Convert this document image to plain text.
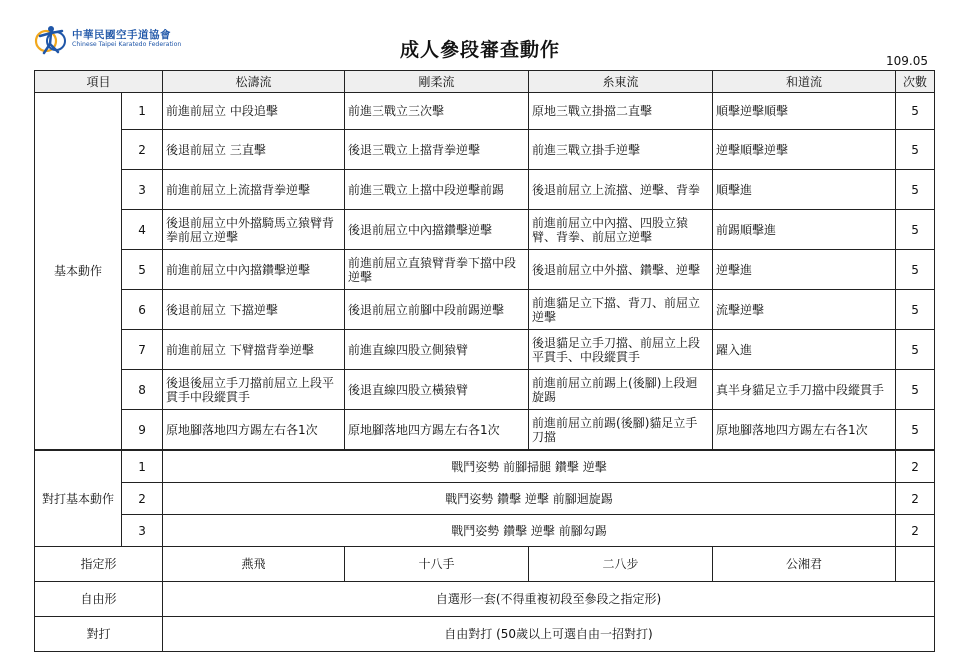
中華民國空手道協會
Chinese Taipei Karatedo Federation	成人參段審查動作	109.05
項目		松濤流	剛柔流	糸東流	和道流	次數
基本動作	1	前進前屈立 中段追擊	前進三戰立三次擊	原地三戰立掛擋二直擊	順擊逆擊順擊	5
	2	後退前屈立 三直擊	後退三戰立上擋背拳逆擊	前進三戰立掛手逆擊	逆擊順擊逆擊	5
	3	前進前屈立上流擋背拳逆擊	前進三戰立上擋中段逆擊前踢	後退前屈立上流擋、逆擊、背拳	順擊進	5
	4	後退前屈立中外擋騎馬立猿臂背拳前屈立逆擊	後退前屈立中內擋鑽擊逆擊	前進前屈立中內擋、四股立猿臂、背拳、前屈立逆擊	前踢順擊進	5
	5	前進前屈立中內擋鑽擊逆擊	前進前屈立直猿臂背拳下擋中段逆擊	後退前屈立中外擋、鑽擊、逆擊	逆擊進	5
	6	後退前屈立 下擋逆擊	後退前屈立前腳中段前踢逆擊	前進貓足立下擋、背刀、前屈立逆擊	流擊逆擊	5
	7	前進前屈立 下臂擋背拳逆擊	前進直線四股立側猿臂	後退貓足立手刀擋、前屈立上段平貫手、中段縱貫手	躍入進	5
	8	後退後屈立手刀擋前屈立上段平貫手中段縱貫手	後退直線四股立橫猿臂	前進前屈立前踢上(後腳)上段迴旋踢	真半身貓足立手刀擋中段縱貫手	5
	9	原地腳落地四方踢左右各1次	原地腳落地四方踢左右各1次	前進前屈立前踢(後腳)貓足立手刀擋	原地腳落地四方踢左右各1次	5
對打基本動作	1	戰鬥姿勢 前腳掃腿 鑽擊 逆擊				2
	2	戰鬥姿勢 鑽擊 逆擊 前腳迴旋踢				2
	3	戰鬥姿勢 鑽擊 逆擊 前腳勾踢				2
指定形		燕飛	十八手	二八步	公湘君	
自由形		自選形一套(不得重複初段至參段之指定形)				
對打		自由對打 (50歲以上可選自由一招對打)				
